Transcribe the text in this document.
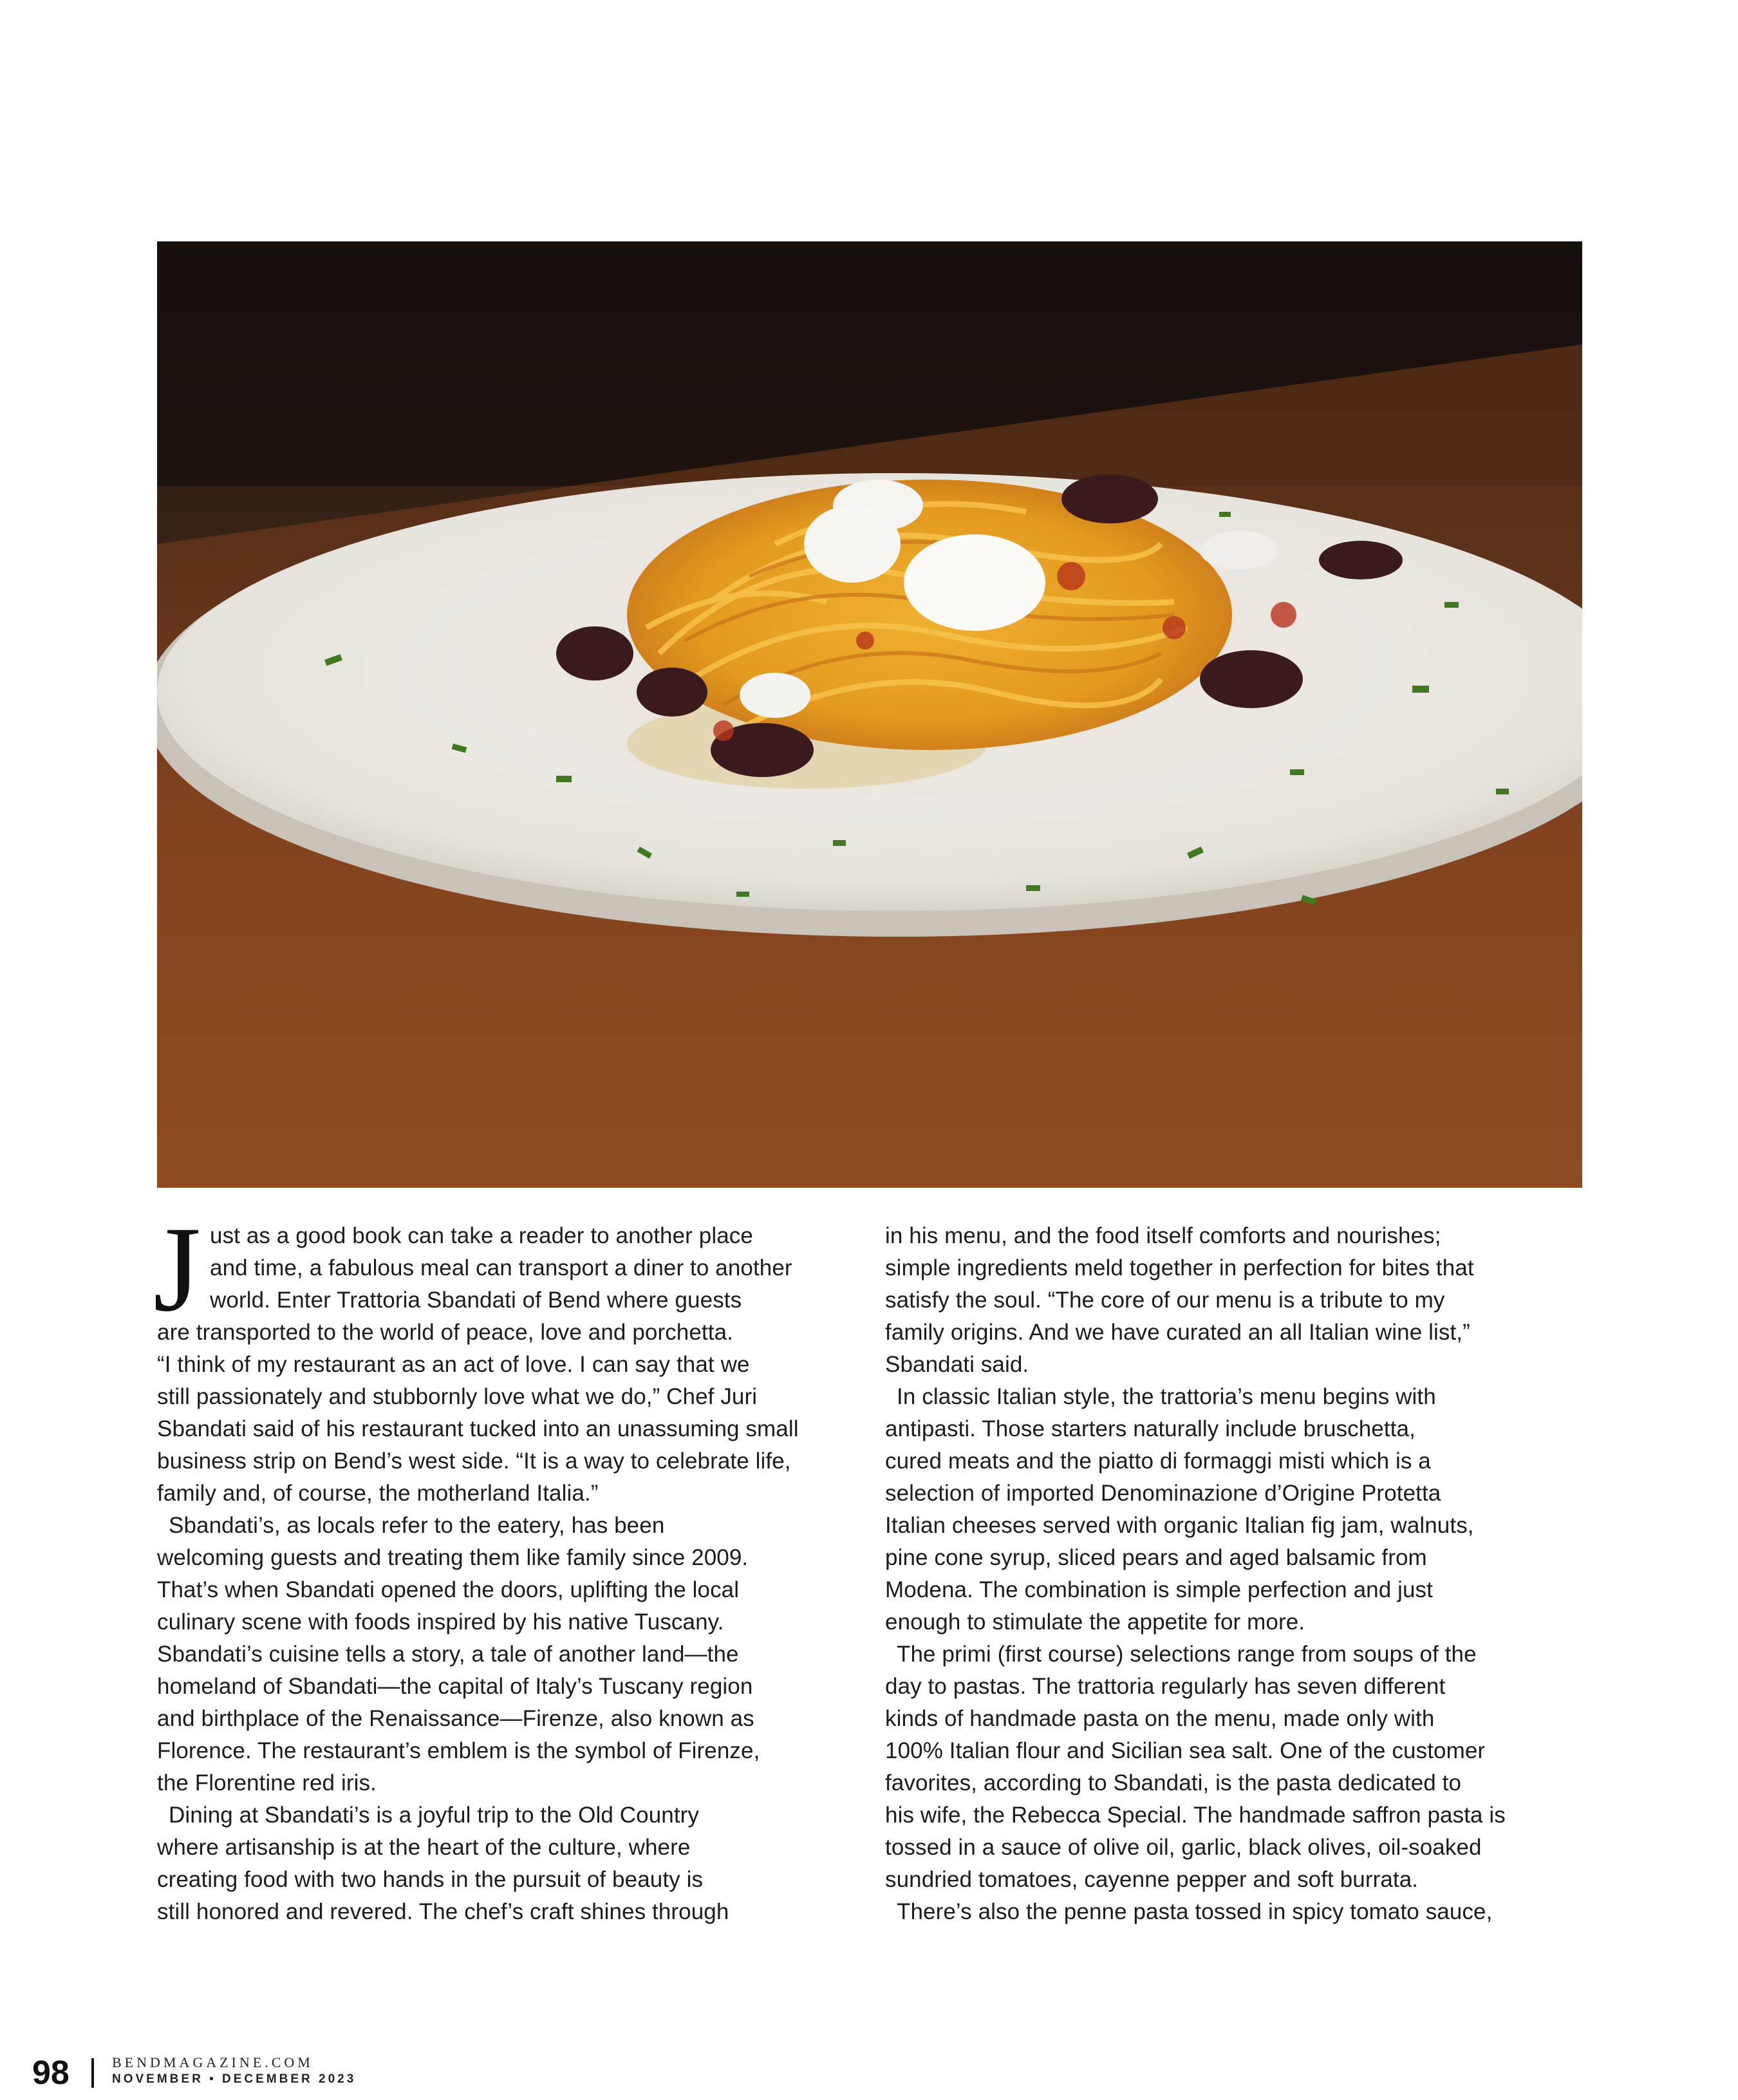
J ust as a good book can take a reader to another place

and time, a fabulous meal can transport a diner to another

world. Enter Trattoria Sbandati of Bend where guests

are transported to the world of peace, love and porchetta.

“I think of my restaurant as an act of love. I can say that we

still passionately and stubbornly love what we do,” Chef Juri

Sbandati said of his restaurant tucked into an unassuming small

business strip on Bend’s west side. “It is a way to celebrate life,

family and, of course, the motherland Italia.”

Sbandati’s, as locals refer to the eatery, has been

welcoming guests and treating them like family since 2009.

That’s when Sbandati opened the doors, uplifting the local

culinary scene with foods inspired by his native Tuscany.

Sbandati’s cuisine tells a story, a tale of another land—the

homeland of Sbandati—the capital of Italy’s Tuscany region

and birthplace of the Renaissance—Firenze, also known as

Florence. The restaurant’s emblem is the symbol of Firenze,

the Florentine red iris.

Dining at Sbandati’s is a joyful trip to the Old Country

where artisanship is at the heart of the culture, where

creating food with two hands in the pursuit of beauty is

still honored and revered. The chef’s craft shines through

in his menu, and the food itself comforts and nourishes;

simple ingredients meld together in perfection for bites that

satisfy the soul. “The core of our menu is a tribute to my

family origins. And we have curated an all Italian wine list,”

Sbandati said.

In classic Italian style, the trattoria’s menu begins with

antipasti. Those starters naturally include bruschetta,

cured meats and the piatto di formaggi misti which is a

selection of imported Denominazione d’Origine Protetta

Italian cheeses served with organic Italian fig jam, walnuts,

pine cone syrup, sliced pears and aged balsamic from

Modena. The combination is simple perfection and just

enough to stimulate the appetite for more.

The primi (first course) selections range from soups of the

day to pastas. The trattoria regularly has seven different

kinds of handmade pasta on the menu, made only with

100% Italian flour and Sicilian sea salt. One of the customer

favorites, according to Sbandati, is the pasta dedicated to

his wife, the Rebecca Special. The handmade saffron pasta is

tossed in a sauce of olive oil, garlic, black olives, oil-soaked

sundried tomatoes, cayenne pepper and soft burrata.

There’s also the penne pasta tossed in spicy tomato sauce,

98	BENDMAGAZINE.COM
NOVEMBER • DECEMBER 2023
